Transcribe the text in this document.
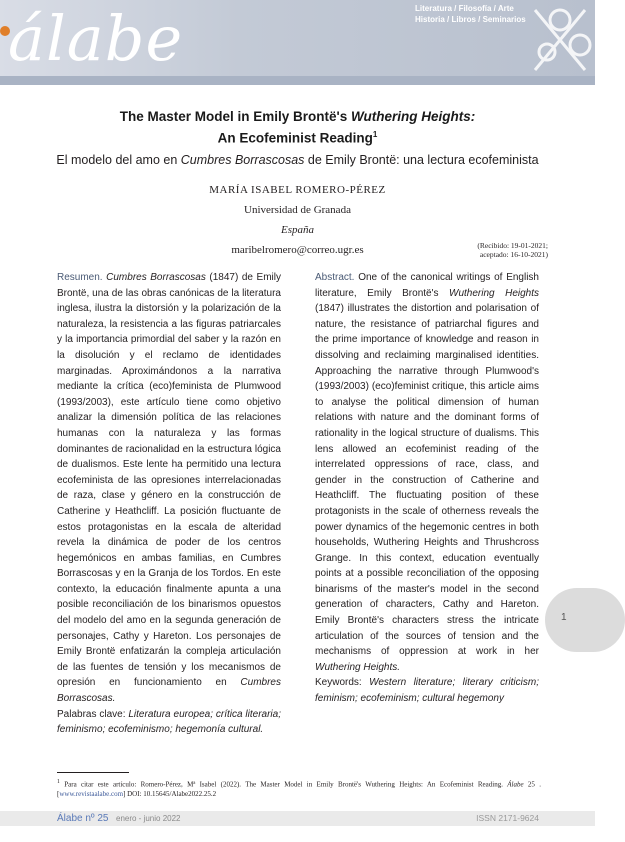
álabe	Literatura / Filosofía / Arte
Historia / Libros / Seminarios
Revista de la Red de Universidades Lectoras Revista de la Red de Universidades Lectoras Revista de la Red de Universidades Lectoras Revista de la Red de Universidades Lectoras Revista de la Red
The Master Model in Emily Brontë's Wuthering Heights:
An Ecofeminist Reading$^1$
El modelo del amo en Cumbres Borrascosas de Emily Brontë: una lectura ecofeminista
MARÍA ISABEL ROMERO-PÉREZ
Universidad de Granada
España
maribelromero@correo.ugr.es	(Recibido: 19-01-2021;
aceptado: 16-10-2021)

Resumen. Cumbres Borrascosas (1847) de Emily Brontë, una de las obras canónicas de la literatura inglesa, ilustra la distorsión y la polarización de la naturaleza, la resistencia a las figuras patriarcales y la importancia primordial del saber y la razón en la disolución y el reclamo de identidades marginadas. Aproximándonos a la narrativa mediante la crítica (eco)feminista de Plumwood (1993/2003), este artículo tiene como objetivo analizar la dimensión política de las relaciones humanas con la naturaleza y las formas dominantes de racionalidad en la estructura lógica de dualismos. Este lente ha permitido una lectura ecofeminista de las opresiones interrelacionadas de raza, clase y género en la construcción de Catherine y Heathcliff. La posición fluctuante de estos protagonistas en la escala de alteridad revela la dinámica de poder de los centros hegemónicos en ambas familias, en Cumbres Borrascosas y en la Granja de los Tordos. En este contexto, la educación finalmente apunta a una posible reconciliación de los binarismos opuestos del modelo del amo en la segunda generación de personajes, Cathy y Hareton. Los personajes de Emily Brontë enfatizarán la compleja articulación de las fuentes de tensión y los mecanismos de opresión en funcionamiento en Cumbres Borrascosas.

Palabras clave: Literatura europea; crítica literaria; feminismo; ecofeminismo; hegemonía cultural.

Abstract. One of the canonical writings of English literature, Emily Brontë's Wuthering Heights (1847) illustrates the distortion and polarisation of nature, the resistance of patriarchal figures and the prime importance of knowledge and reason in dissolving and reclaiming marginalised identities. Approaching the narrative through Plumwood's (1993/2003) (eco)feminist critique, this article aims to analyse the political dimension of human relations with nature and the dominant forms of rationality in the logical structure of dualisms. This lens allowed an ecofeminist reading of the interrelated oppressions of race, class, and gender in the construction of Catherine and Heathcliff. The fluctuating position of these protagonists in the scale of otherness reveals the power dynamics of the hegemonic centres in both households, Wuthering Heights and Thrushcross Grange. In this context, education eventually points at a possible reconciliation of the opposing binarisms of the master's model in the second generation of characters, Cathy and Hareton. Emily Brontë's characters stress the intricate articulation of the sources of tension and the mechanisms of oppression at work in her Wuthering Heights.

Keywords: Western literature; literary criticism; feminism; ecofeminism; cultural hegemony

1
$^1$ Para citar este artículo: Romero-Pérez, Mª Isabel (2022). The Master Model in Emily Brontë's Wuthering Heights: An Ecofeminist Reading. Álabe 25 . [www.revistaalabe.com] DOI: 10.15645/Alabe2022.25.2
Álabe nº 25 enero - junio 2022	ISSN 2171-9624
